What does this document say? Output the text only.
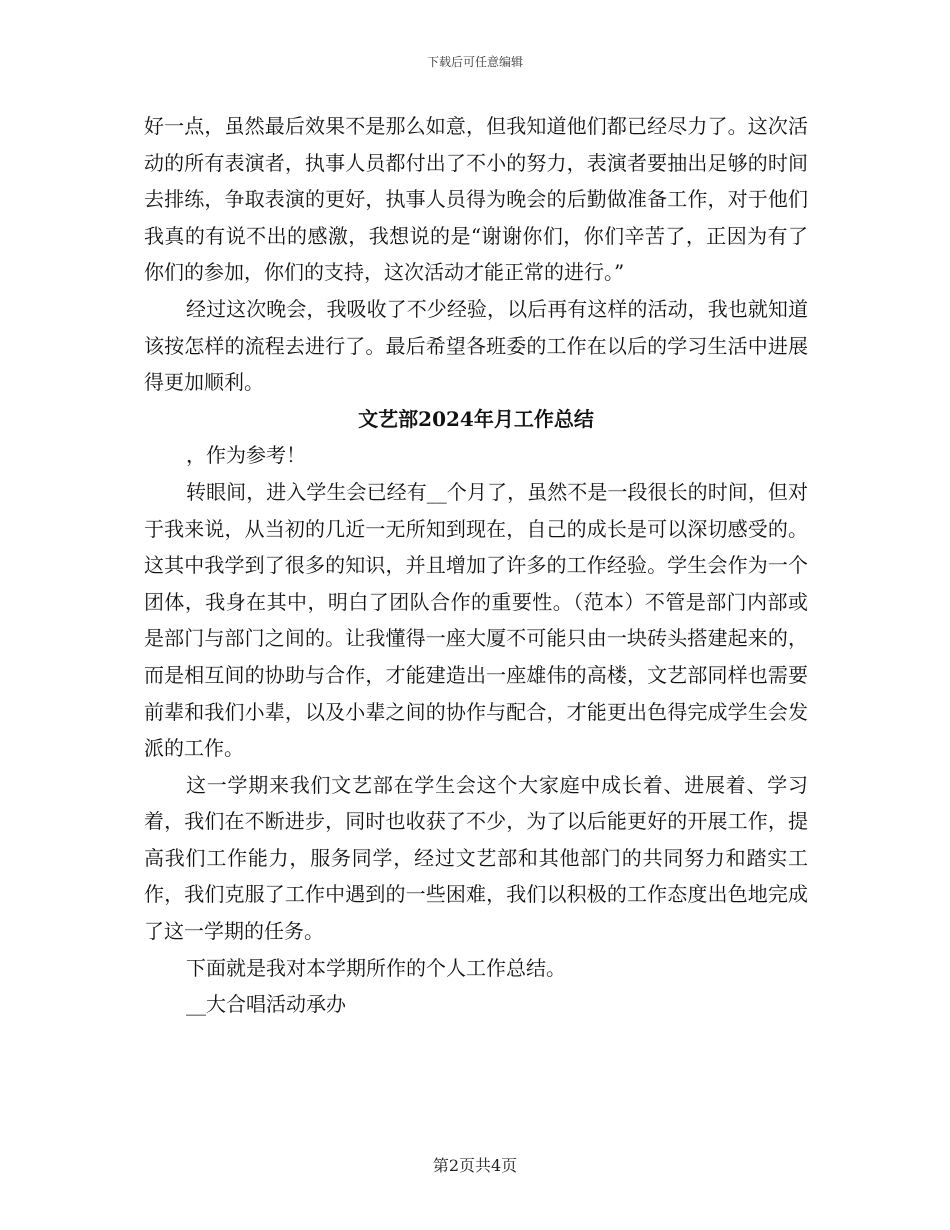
下载后可任意编辑

好一点，虽然最后效果不是那么如意，但我知道他们都已经尽力了。这次活动的所有表演者，执事人员都付出了不小的努力，表演者要抽出足够的时间去排练，争取表演的更好，执事人员得为晚会的后勤做准备工作，对于他们我真的有说不出的感激，我想说的是“谢谢你们，你们辛苦了，正因为有了你们的参加，你们的支持，这次活动才能正常的进行。”

经过这次晚会，我吸收了不少经验，以后再有这样的活动，我也就知道该按怎样的流程去进行了。最后希望各班委的工作在以后的学习生活中进展得更加顺利。

文艺部2024年月工作总结

，作为参考！

转眼间，进入学生会已经有__个月了，虽然不是一段很长的时间，但对于我来说，从当初的几近一无所知到现在，自己的成长是可以深切感受的。这其中我学到了很多的知识，并且增加了许多的工作经验。学生会作为一个团体，我身在其中，明白了团队合作的重要性。（范本）不管是部门内部或是部门与部门之间的。让我懂得一座大厦不可能只由一块砖头搭建起来的，而是相互间的协助与合作，才能建造出一座雄伟的高楼，文艺部同样也需要前辈和我们小辈，以及小辈之间的协作与配合，才能更出色得完成学生会发派的工作。

这一学期来我们文艺部在学生会这个大家庭中成长着、进展着、学习着，我们在不断进步，同时也收获了不少，为了以后能更好的开展工作，提高我们工作能力，服务同学，经过文艺部和其他部门的共同努力和踏实工作，我们克服了工作中遇到的一些困难，我们以积极的工作态度出色地完成了这一学期的任务。

下面就是我对本学期所作的个人工作总结。

__大合唱活动承办

第2页共4页
